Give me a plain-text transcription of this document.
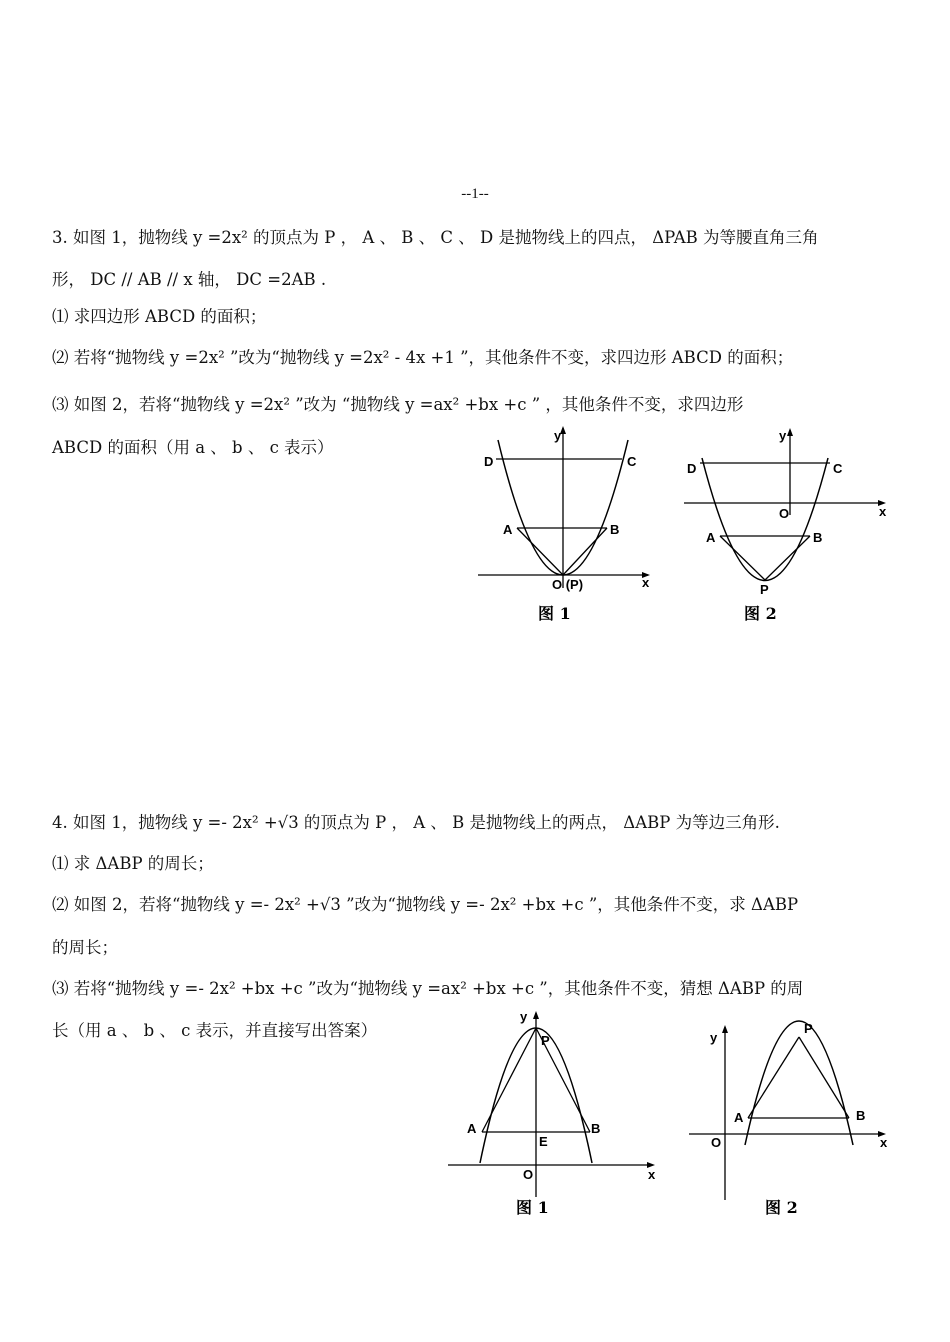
--1--
3. 如图 1，抛物线 y =2x² 的顶点为 P ， A 、 B 、 C 、 D 是抛物线上的四点， ΔPAB 为等腰直角三角
形， DC // AB // x 轴， DC =2AB .
⑴ 求四边形 ABCD 的面积；
⑵ 若将“抛物线 y =2x² ”改为“抛物线 y =2x² - 4x +1 ”，其他条件不变，求四边形 ABCD 的面积；
⑶ 如图 2，若将“抛物线 y =2x² ”改为 “抛物线 y =ax² +bx +c ” ，其他条件不变，求四边形
ABCD 的面积（用 a 、 b 、 c 表示）
y
x
D	C
A	B
O (P)
图 1
y
x
D	C
O
A	B
P
图 2
4. 如图 1，抛物线 y =- 2x² +√3 的顶点为 P ， A 、 B 是抛物线上的两点， ΔABP 为等边三角形.
⑴ 求 ΔABP 的周长；
⑵ 如图 2，若将“抛物线 y =- 2x² +√3 ”改为“抛物线 y =- 2x² +bx +c ”，其他条件不变，求 ΔABP
的周长；
⑶ 若将“抛物线 y =- 2x² +bx +c ”改为“抛物线 y =ax² +bx +c ”，其他条件不变，猜想 ΔABP 的周
长（用 a 、 b 、 c 表示，并直接写出答案）
y
P
A	B
E
O	x
图 1
y
P
A	B
O	x
图 2
